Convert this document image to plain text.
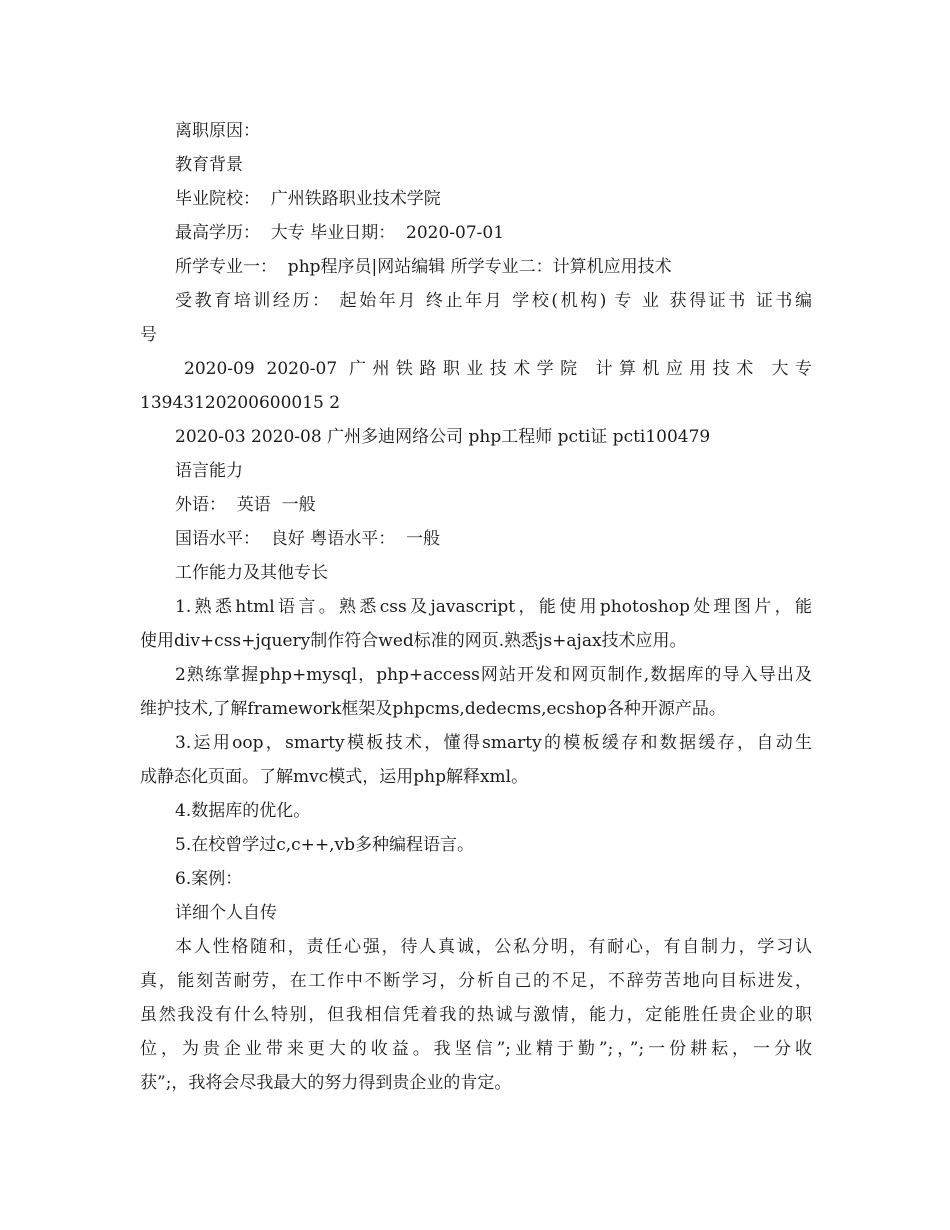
离职原因：
教育背景
毕业院校：  广州铁路职业技术学院
最高学历：  大专 毕业日期：  2020-07-01
所学专业一：  php程序员|网站编辑 所学专业二：计算机应用技术
受教育培训经历： 起始年月 终止年月 学校(机构) 专 业 获得证书 证书编
号
2020-09 2020-07 广州铁路职业技术学院 计算机应用技术 大专
13943120200600015 2
2020-03 2020-08 广州多迪网络公司 php工程师 pcti证 pcti100479
语言能力
外语：  英语  一般
国语水平：  良好 粤语水平：  一般
工作能力及其他专长
1.熟悉html语言。熟悉css及javascript，能使用photoshop处理图片，能
使用div+css+jquery制作符合wed标准的网页.熟悉js+ajax技术应用。
2熟练掌握php+mysql，php+access网站开发和网页制作,数据库的导入导出及
维护技术,了解framework框架及phpcms,dedecms,ecshop各种开源产品。
3.运用oop，smarty模板技术，懂得smarty的模板缓存和数据缓存，自动生
成静态化页面。了解mvc模式，运用php解释xml。
4.数据库的优化。
5.在校曾学过c,c++,vb多种编程语言。
6.案例：
详细个人自传
本人性格随和，责任心强，待人真诚，公私分明，有耐心，有自制力，学习认
真，能刻苦耐劳，在工作中不断学习，分析自己的不足，不辞劳苦地向目标进发，
虽然我没有什么特别，但我相信凭着我的热诚与激情，能力，定能胜任贵企业的职
位，为贵企业带来更大的收益。我坚信”;业精于勤”;，”;一份耕耘，一分收
获”;，我将会尽我最大的努力得到贵企业的肯定。
